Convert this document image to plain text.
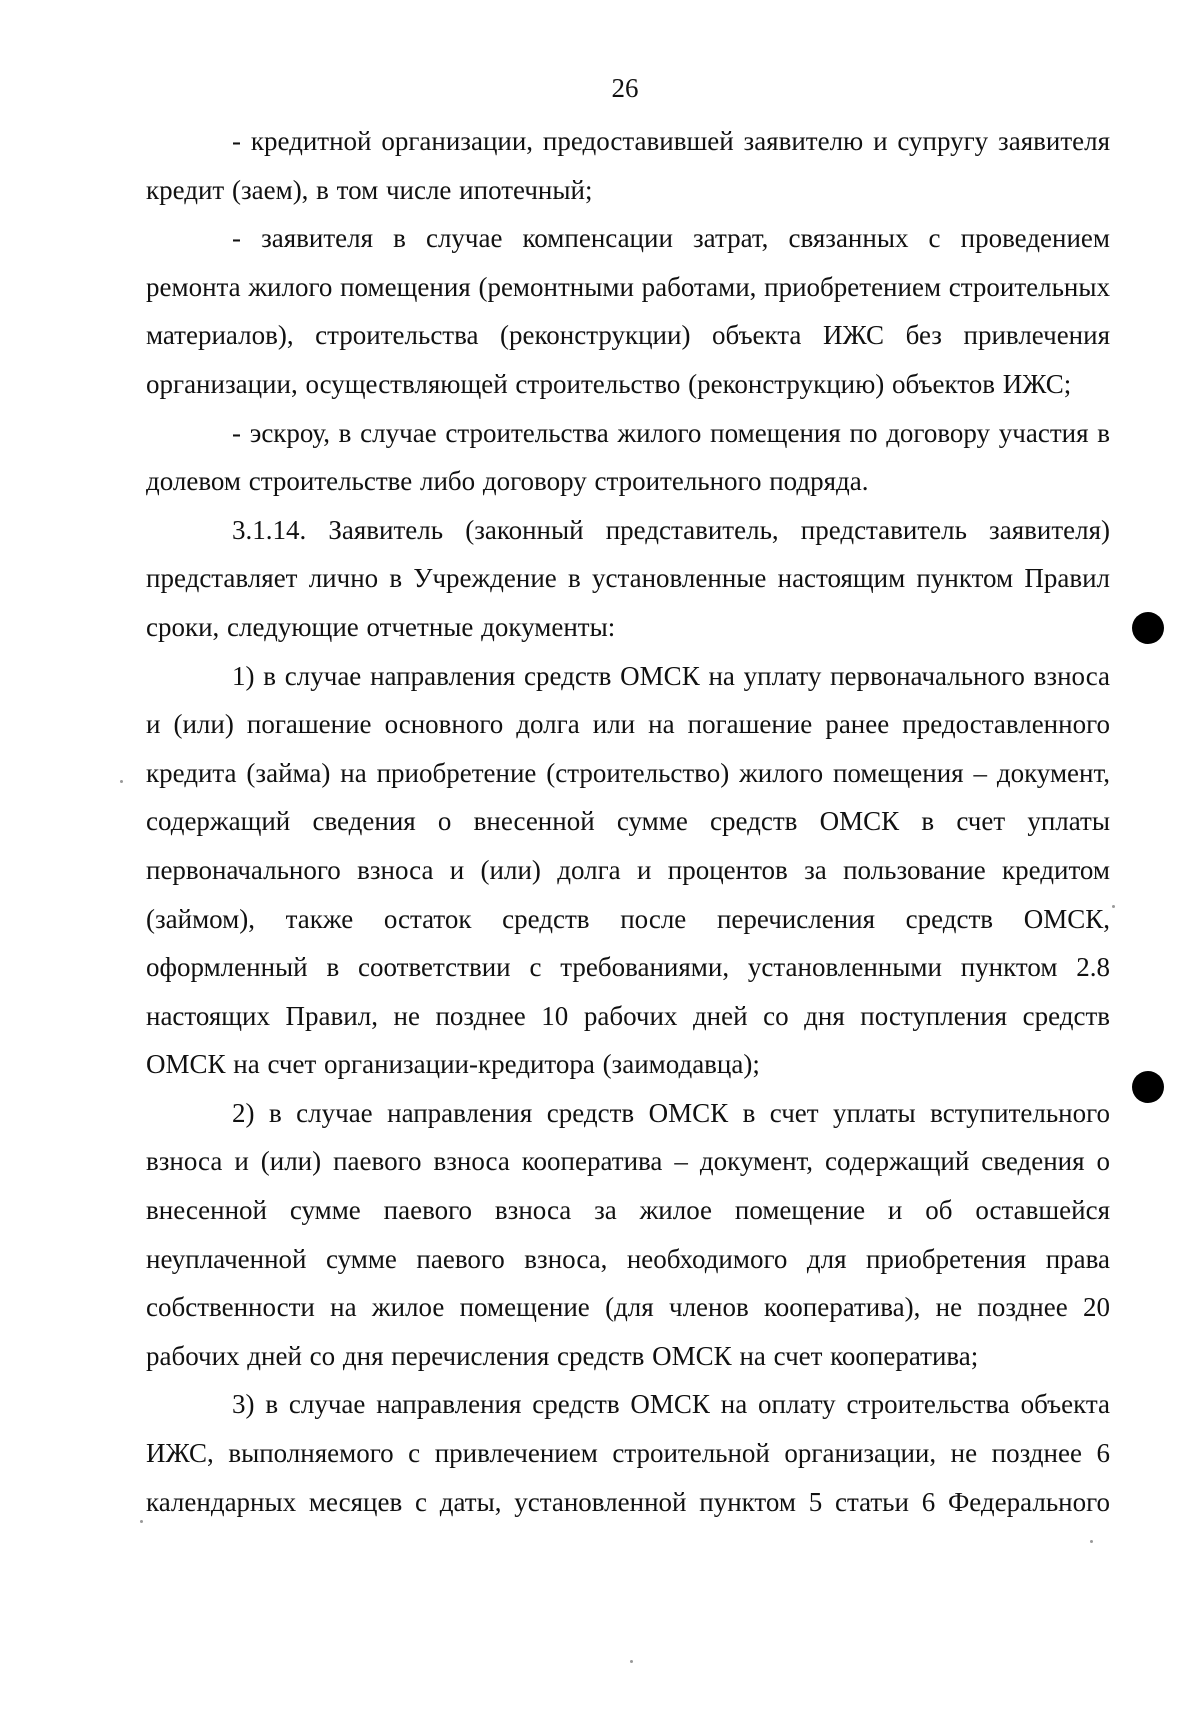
26

- кредитной организации, предоставившей заявителю и супругу заявителя кредит (заем), в том числе ипотечный;

- заявителя в случае компенсации затрат, связанных с проведением ремонта жилого помещения (ремонтными работами, приобретением строительных материалов), строительства (реконструкции) объекта ИЖС без привлечения организации, осуществляющей строительство (реконструкцию) объектов ИЖС;

- эскроу, в случае строительства жилого помещения по договору участия в долевом строительстве либо договору строительного подряда.

3.1.14. Заявитель (законный представитель, представитель заявителя) представляет лично в Учреждение в установленные настоящим пунктом Правил сроки, следующие отчетные документы:

1) в случае направления средств ОМСК на уплату первоначального взноса и (или) погашение основного долга или на погашение ранее предоставленного кредита (займа) на приобретение (строительство) жилого помещения – документ, содержащий сведения о внесенной сумме средств ОМСК в счет уплаты первоначального взноса и (или) долга и процентов за пользование кредитом (займом), также остаток средств после перечисления средств ОМСК, оформленный в соответствии с требованиями, установленными пунктом 2.8 настоящих Правил, не позднее 10 рабочих дней со дня поступления средств ОМСК на счет организации-кредитора (заимодавца);

2) в случае направления средств ОМСК в счет уплаты вступительного взноса и (или) паевого взноса кооператива – документ, содержащий сведения о внесенной сумме паевого взноса за жилое помещение и об оставшейся неуплаченной сумме паевого взноса, необходимого для приобретения права собственности на жилое помещение (для членов кооператива), не позднее 20 рабочих дней со дня перечисления средств ОМСК на счет кооператива;

3) в случае направления средств ОМСК на оплату строительства объекта ИЖС, выполняемого с привлечением строительной организации, не позднее 6 календарных месяцев с даты, установленной пунктом 5 статьи 6 Федерального
